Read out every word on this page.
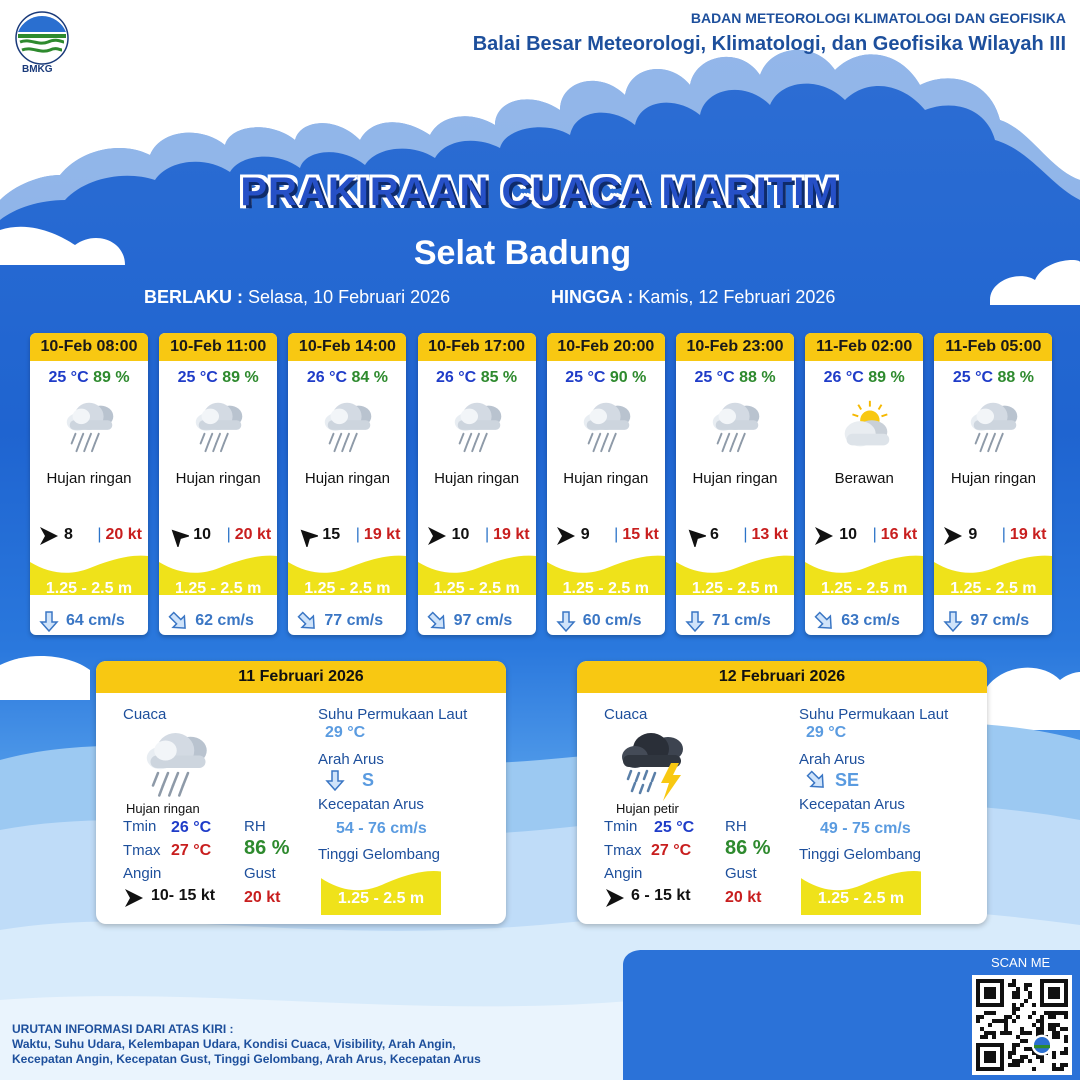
BMKG
BADAN METEOROLOGI KLIMATOLOGI DAN GEOFISIKA
Balai Besar Meteorologi, Klimatologi, dan Geofisika Wilayah III
PRAKIRAAN CUACA MARITIM
Selat Badung
BERLAKU : Selasa, 10 Februari 2026	HINGGA : Kamis, 12 Februari 2026
10-Feb 08:00
25 °C 89 %
Hujan ringan
8 | 20 kt
1.25 - 2.5 m
64 cm/s
10-Feb 11:00
25 °C 89 %
Hujan ringan
10 | 20 kt
1.25 - 2.5 m
62 cm/s
10-Feb 14:00
26 °C 84 %
Hujan ringan
15 | 19 kt
1.25 - 2.5 m
77 cm/s
10-Feb 17:00
26 °C 85 %
Hujan ringan
10 | 19 kt
1.25 - 2.5 m
97 cm/s
10-Feb 20:00
25 °C 90 %
Hujan ringan
9 | 15 kt
1.25 - 2.5 m
60 cm/s
10-Feb 23:00
25 °C 88 %
Hujan ringan
6 | 13 kt
1.25 - 2.5 m
71 cm/s
11-Feb 02:00
26 °C 89 %
Berawan
10 | 16 kt
1.25 - 2.5 m
63 cm/s
11-Feb 05:00
25 °C 88 %
Hujan ringan
9 | 19 kt
1.25 - 2.5 m
97 cm/s
11 Februari 2026
Cuaca
Hujan ringan
Tmin 26 °C
Tmax 27 °C
RH
86 %
Angin
10- 15 kt
Gust
20 kt
Suhu Permukaan Laut
29 °C
Arah Arus
S
Kecepatan Arus
54 - 76 cm/s
Tinggi Gelombang
1.25 - 2.5 m
12 Februari 2026
Cuaca
Hujan petir
Tmin 25 °C
Tmax 27 °C
RH
86 %
Angin
6 - 15 kt
Gust
20 kt
Suhu Permukaan Laut
29 °C
Arah Arus
SE
Kecepatan Arus
49 - 75 cm/s
Tinggi Gelombang
1.25 - 2.5 m
URUTAN INFORMASI DARI ATAS KIRI :
Waktu, Suhu Udara, Kelembapan Udara, Kondisi Cuaca, Visibility, Arah Angin,
Kecepatan Angin, Kecepatan Gust, Tinggi Gelombang, Arah Arus, Kecepatan Arus
SCAN ME
